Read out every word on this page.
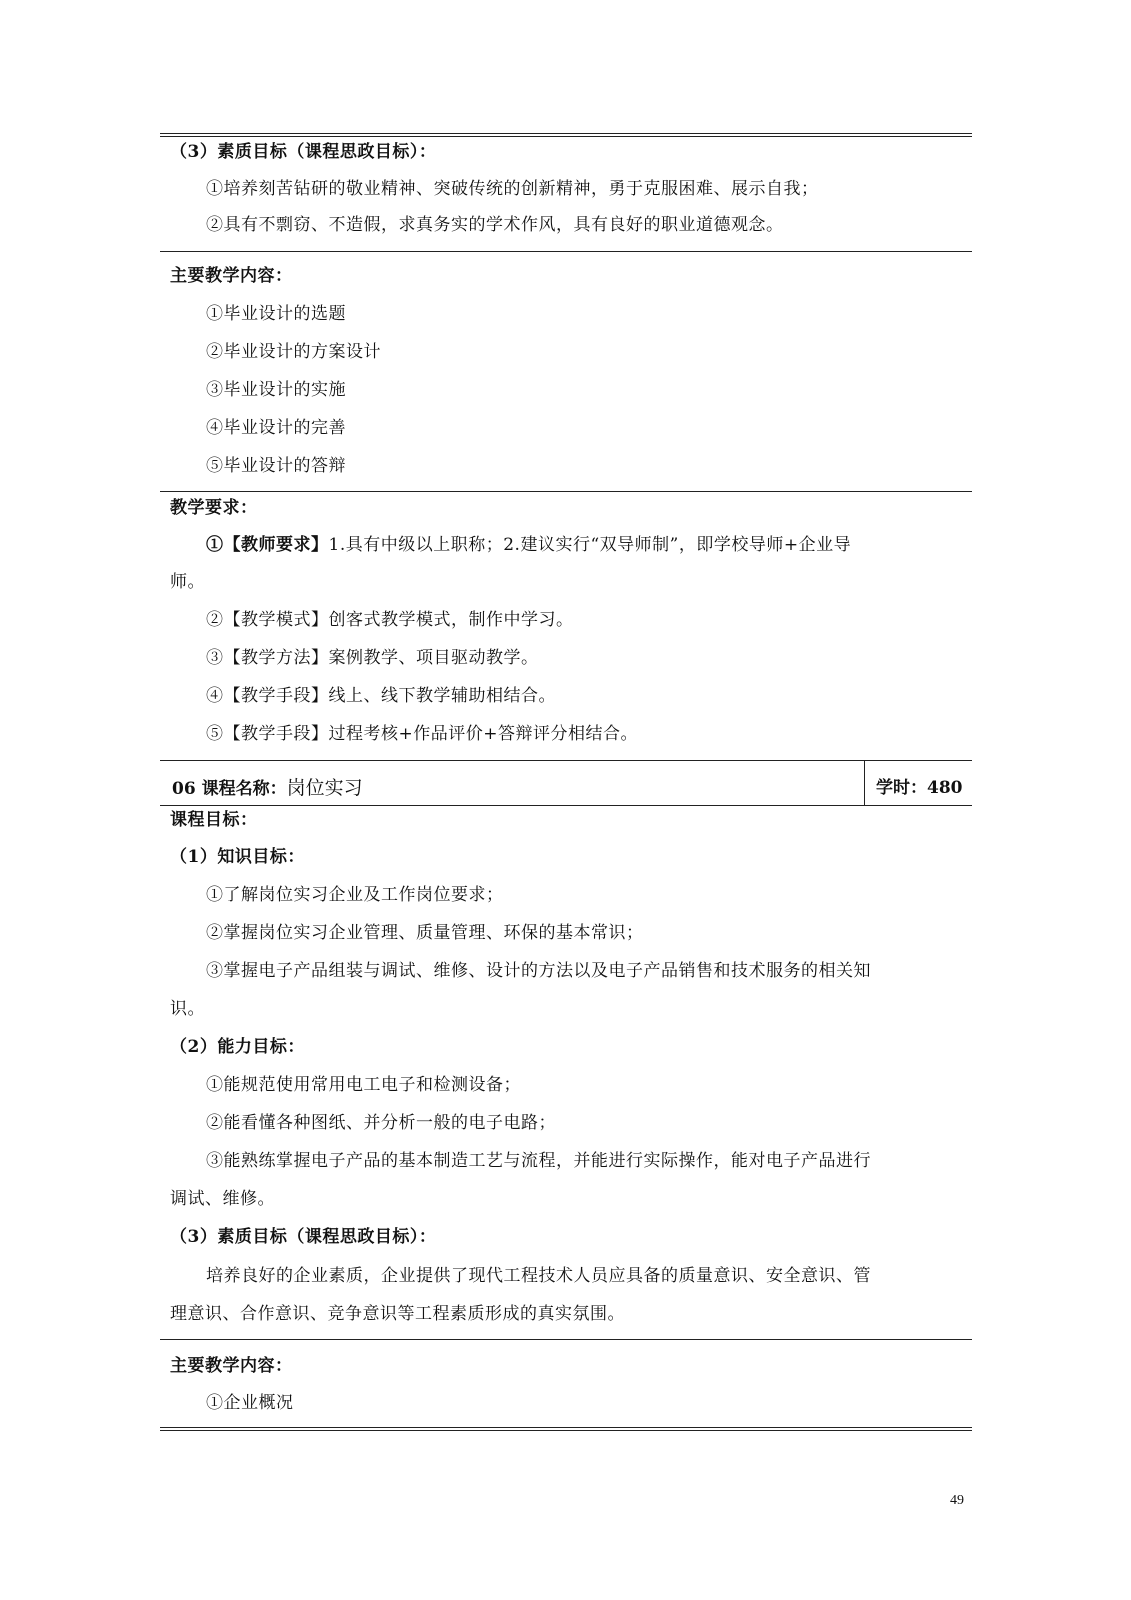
（3）素质目标（课程思政目标）：
①培养刻苦钻研的敬业精神、突破传统的创新精神，勇于克服困难、展示自我；
②具有不剽窃、不造假，求真务实的学术作风，具有良好的职业道德观念。
主要教学内容：
①毕业设计的选题
②毕业设计的方案设计
③毕业设计的实施
④毕业设计的完善
⑤毕业设计的答辩
教学要求：
①【教师要求】1.具有中级以上职称；2.建议实行“双导师制”，即学校导师+企业导
师。
②【教学模式】创客式教学模式，制作中学习。
③【教学方法】案例教学、项目驱动教学。
④【教学手段】线上、线下教学辅助相结合。
⑤【教学手段】过程考核+作品评价+答辩评分相结合。
06 课程名称：岗位实习	学时：480
课程目标：
（1）知识目标：
①了解岗位实习企业及工作岗位要求；
②掌握岗位实习企业管理、质量管理、环保的基本常识；
③掌握电子产品组装与调试、维修、设计的方法以及电子产品销售和技术服务的相关知
识。
（2）能力目标：
①能规范使用常用电工电子和检测设备；
②能看懂各种图纸、并分析一般的电子电路；
③能熟练掌握电子产品的基本制造工艺与流程，并能进行实际操作，能对电子产品进行
调试、维修。
（3）素质目标（课程思政目标）：
培养良好的企业素质，企业提供了现代工程技术人员应具备的质量意识、安全意识、管
理意识、合作意识、竞争意识等工程素质形成的真实氛围。
主要教学内容：
①企业概况
49
